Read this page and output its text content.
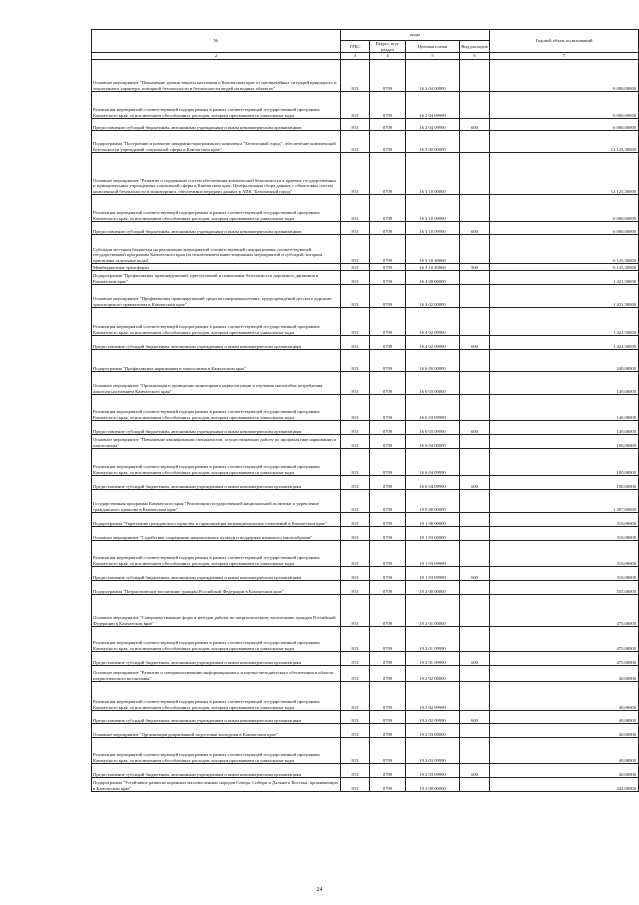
№	коды				Годовой объем ассигнований
	ГРБС	Раздел, под-раздел	Целевая статья	Вид расходов	
2	3	4	5	6	7
Основное мероприятие "Повышение уровня защиты населения в Камчатском крае от чрезвычайных ситуаций природного и техногенного характера, пожарной безопасности и безопасности людей на водных объектах"	813	0709	16 2 04 00000		6 000,00000
Реализация мероприятий соответствующей подпрограммы в рамках соответствующей государственной программы Камчатского края, за исключением обособленных расходов, которым присваиваются уникальные коды	813	0709	16 2 04 09990		6 000,00000
Предоставление субсидий бюджетным, автономным учреждениям и иным некоммерческим организациям	813	0709	16 2 04 09990	600	6 000,00000
Подпрограмма "Построение и развитие аппаратно-программного комплекса "Безопасный город", обеспечение комплексной безопасности учреждений социальной сферы в Камчатском крае"	813	0709	16 3 00 00000		12 125,30000
Основное мероприятие "Развитие и содержание систем обеспечения комплексной безопасности в краевых государственных и муниципальных учреждениях социальной сферы в Камчатском крае. Централизация сбора данных с объектовых систем комплексной безопасности и мониторинга, обеспечение передачи данных в АПК "Безопасный город"	813	0709	16 3 10 00000		12 125,30000
Реализация мероприятий соответствующей подпрограммы в рамках соответствующей государственной программы Камчатского края, за исключением обособленных расходов, которым присваиваются уникальные коды	813	0709	16 3 10 09990		6 000,00000
Предоставление субсидий бюджетным, автономным учреждениям и иным некоммерческим организациям	813	0709	16 3 10 09990	600	6 000,00000
Субсидии местным бюджетам на реализацию мероприятий соответствующей подпрограммы соответствующей государственной программы Камчатского края (за исключением инвестиционных мероприятий и субсидий, которым присвоены отдельные коды)	813	0709	16 3 10 40060		6 125,30000
Межбюджетные трансферты	813	0709	16 3 10 40060	500	6 125,30000
Подпрограмма "Профилактика правонарушений, преступлений и повышение безопасности дорожного движения в Камчатском крае"	813	0709	16 4 00 00000		1 421,50000
Основное мероприятие "Профилактика правонарушений среди несовершеннолетних, предупреждений детского дорожно-транспортного травматизма в Камчатском крае"	813	0709	16 4 02 00000		1 421,50000
Реализация мероприятий соответствующей подпрограммы в рамках соответствующей государственной программы Камчатского края, за исключением обособленных расходов, которым присваиваются уникальные коды	813	0709	16 4 02 09990		1 421,50000
Предоставление субсидий бюджетным, автономным учреждениям и иным некоммерческим организациям	813	0709	16 4 02 09990	600	1 421,50000
Подпрограмма "Профилактика наркомании и алкоголизма в Камчатском крае"	813	0709	16 6 00 00000		240,00000
Основное мероприятие "Организация и проведение мониторинга наркоситуации и изучения масштабов потребления алкоголя населением Камчатского края"	813	0709	16 6 03 00000		140,00000
Реализация мероприятий соответствующей подпрограммы в рамках соответствующей государственной программы Камчатского края, за исключением обособленных расходов, которым присваиваются уникальные коды	813	0709	16 6 03 09990		140,00000
Предоставление субсидий бюджетным, автономным учреждениям и иным некоммерческим организациям	813	0709	16 6 03 09990	600	140,00000
Основное мероприятие "Повышение квалификации специалистов, осуществляющих работу по профилактике наркомании и алкоголизма"	813	0709	16 6 04 00000		100,00000
Реализация мероприятий соответствующей подпрограммы в рамках соответствующей государственной программы Камчатского края, за исключением обособленных расходов, которым присваиваются уникальные коды	813	0709	16 6 04 09990		100,00000
Предоставление субсидий бюджетным, автономным учреждениям и иным некоммерческим организациям	813	0709	16 6 04 09990	600	100,00000
Государственная программа Камчатского края "Реализация государственной национальной политики и укрепление гражданского единства в Камчатском крае"	813	0709	19 0 00 00000		1 307,00000
Подпрограмма "Укрепление гражданского единства и гармонизация межнациональных отношений в Камчатском крае"	813	0709	19 1 00 00000		310,00000
Основное мероприятие "Содействие сохранению национальных культур и поддержка языкового многообразия"	813	0709	19 1 03 00000		310,00000
Реализация мероприятий соответствующей подпрограммы в рамках соответствующей государственной программы Камчатского края, за исключением обособленных расходов, которым присваиваются уникальные коды	813	0709	19 1 03 09990		310,00000
Предоставление субсидий бюджетным, автономным учреждениям и иным некоммерческим организациям	813	0709	19 1 03 09990	600	310,00000
Подпрограмма "Патриотическое воспитание граждан Российской Федерации в Камчатском крае"	813	0709	19 2 00 00000		555,00000
Основное мероприятие "Совершенствование форм и методов работы по патриотическому воспитанию граждан Российской Федерации в Камчатском крае"	813	0709	19 2 01 00000		475,00000
Реализация мероприятий соответствующей подпрограммы в рамках соответствующей государственной программы Камчатского края, за исключением обособленных расходов, которым присваиваются уникальные коды	813	0709	19 2 01 09990		475,00000
Предоставление субсидий бюджетным, автономным учреждениям и иным некоммерческим организациям	813	0709	19 2 01 09990	600	475,00000
Основное мероприятие "Развитие и совершенствование информационного и научно-методического обеспечения в области патриотического воспитания"	813	0709	19 2 02 00000		40,00000
Реализация мероприятий соответствующей подпрограммы в рамках соответствующей государственной программы Камчатского края, за исключением обособленных расходов, которым присваиваются уникальные коды	813	0709	19 2 02 09990		40,00000
Предоставление субсидий бюджетным, автономным учреждениям и иным некоммерческим организациям	813	0709	19 2 02 09990	600	40,00000
Основное мероприятие "Организация допризывной подготовки молодежи в Камчатском крае"	813	0709	19 2 03 00000		40,00000
Реализация мероприятий соответствующей подпрограммы в рамках соответствующей государственной программы Камчатского края, за исключением обособленных расходов, которым присваиваются уникальные коды	813	0709	19 2 03 09990		40,00000
Предоставление субсидий бюджетным, автономным учреждениям и иным некоммерческим организациям	813	0709	19 2 03 09990	600	40,00000
Подпрограмма "Устойчивое развитие коренных малочисленных народов Севера, Сибири и Дальнего Востока, проживающих в Камчатском крае"	813	0709	19 3 00 00000		442,00000
24
